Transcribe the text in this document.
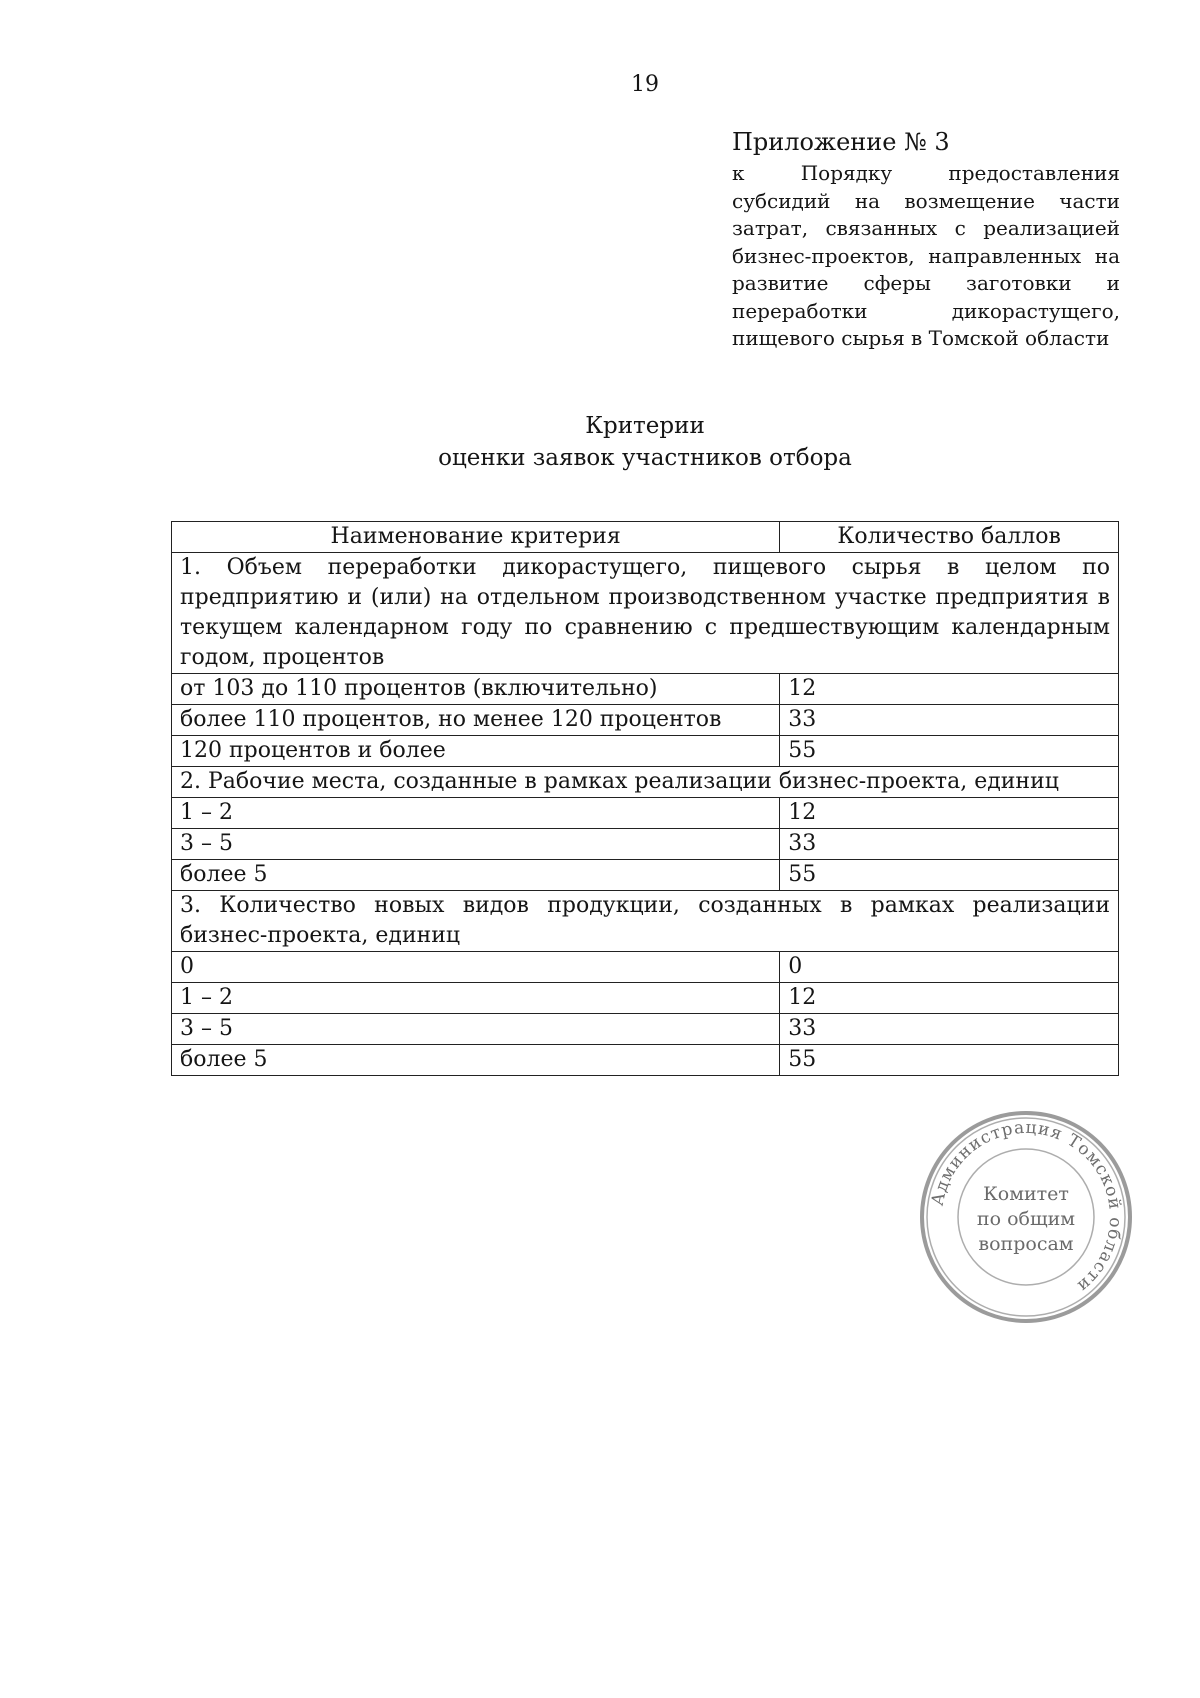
19

Приложение № 3

к Порядку предоставления субсидий на возмещение части затрат, связанных с реализацией бизнес-проектов, направленных на развитие сферы заготовки и переработки дикорастущего, пищевого сырья в Томской области

Критерии
оценки заявок участников отбора
Наименование критерия	Количество баллов
1. Объем переработки дикорастущего, пищевого сырья в целом по предприятию и (или) на отдельном производственном участке предприятия в текущем календарном году по сравнению с предшествующим календарным годом, процентов	
от 103 до 110 процентов (включительно)	12
более 110 процентов, но менее 120 процентов	33
120 процентов и более	55
2. Рабочие места, созданные в рамках реализации бизнес-проекта, единиц	
1 – 2	12
3 – 5	33
более 5	55
3. Количество новых видов продукции, созданных в рамках реализации бизнес-проекта, единиц	
0	0
1 – 2	12
3 – 5	33
более 5	55
Администрация Томской области
Комитет
по общим
вопросам
